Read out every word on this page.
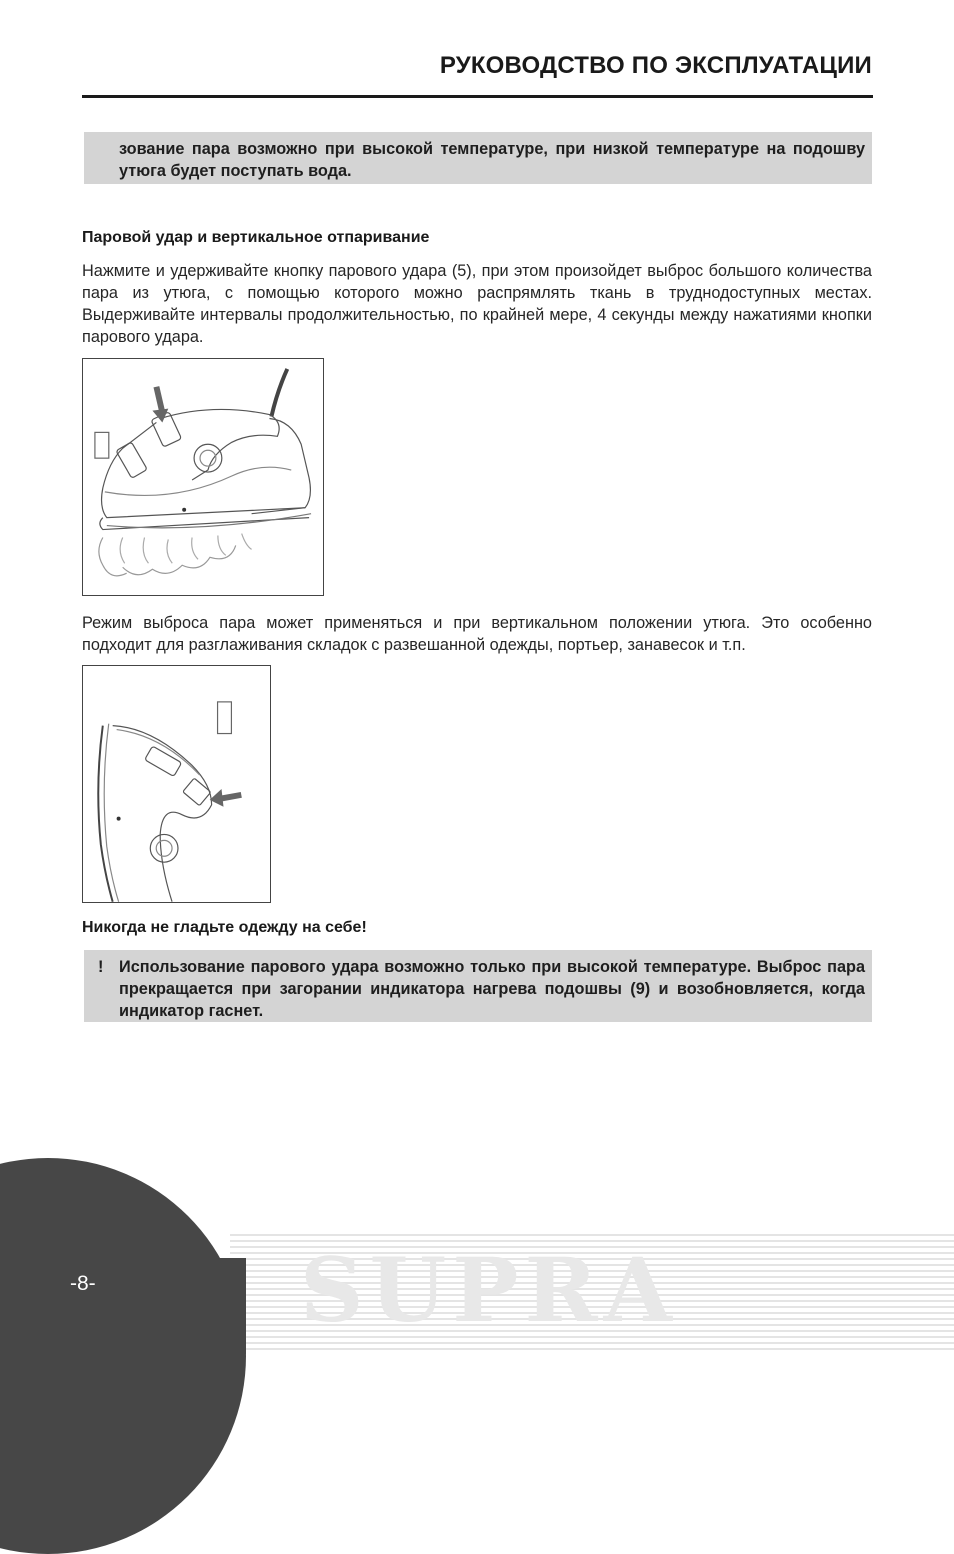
РУКОВОДСТВО ПО ЭКСПЛУАТАЦИИ
зование пара возможно при высокой температуре, при низкой температуре на подошву утюга будет поступать вода.
Паровой удар и вертикальное отпаривание

Нажмите и удерживайте кнопку парового удара (5), при этом произойдет выброс большого количества пара из утюга, с помощью которого можно распрямлять ткань в труднодоступных местах. Выдерживайте интервалы продолжительностью, по крайней мере, 4 секунды между нажатиями кнопки парового удара.

Режим выброса пара может применяться и при вертикальном положении утюга. Это особенно подходит для разглаживания складок с развешанной одежды, портьер, занавесок и т.п.

Никогда не гладьте одежду на себе!
! Использование парового удара возможно только при высокой температуре. Выброс пара прекращается при загорании индикатора нагрева подошвы (9) и возобновляется, когда индикатор гаснет.
SUPRA
-8-
